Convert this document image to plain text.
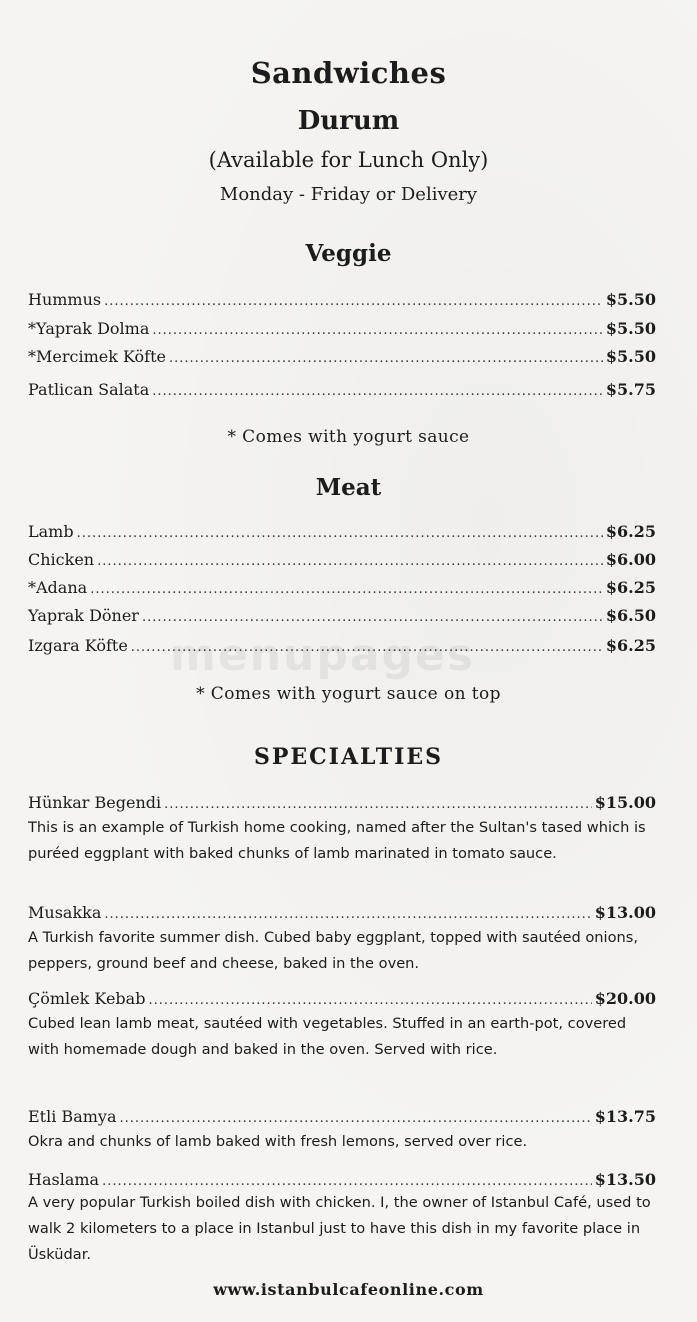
menupages
Sandwiches
Durum
(Available for Lunch Only)
Monday - Friday or Delivery
Veggie
Hummus .....	$5.50
*Yaprak Dolma .....	$5.50
*Mercimek Köfte .....	$5.50
Patlican Salata .....	$5.75
* Comes with yogurt sauce
Meat
Lamb .....	$6.25
Chicken .....	$6.00
*Adana .....	$6.25
Yaprak Döner .....	$6.50
Izgara Köfte .....	$6.25
* Comes with yogurt sauce on top
SPECIALTIES
Hünkar Begendi .....	$15.00
This is an example of Turkish home cooking, named after the Sultan's tased which is puréed eggplant with baked chunks of lamb marinated in tomato sauce.
Musakka .....	$13.00
A Turkish favorite summer dish. Cubed baby eggplant, topped with sautéed onions, peppers, ground beef and cheese, baked in the oven.
Çömlek Kebab .....	$20.00
Cubed lean lamb meat, sautéed with vegetables. Stuffed in an earth-pot, covered with homemade dough and baked in the oven. Served with rice.
Etli Bamya .....	$13.75
Okra and chunks of lamb baked with fresh lemons, served over rice.
Haslama .....	$13.50
A very popular Turkish boiled dish with chicken. I, the owner of Istanbul Café, used to walk 2 kilometers to a place in Istanbul just to have this dish in my favorite place in Üsküdar.
www.istanbulcafeonline.com
